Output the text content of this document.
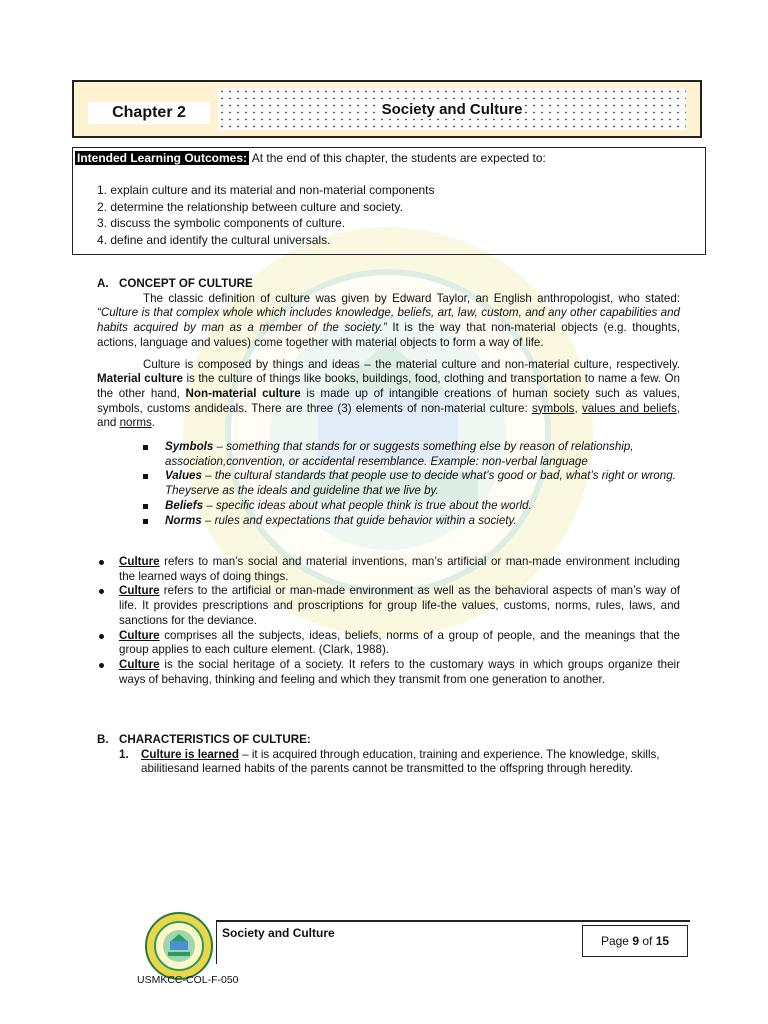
Chapter 2	Society and Culture
Intended Learning Outcomes: At the end of this chapter, the students are expected to:
1. explain culture and its material and non-material components
2. determine the relationship between culture and society.
3. discuss the symbolic components of culture.
4. define and identify the cultural universals.
A. CONCEPT OF CULTURE

The classic definition of culture was given by Edward Taylor, an English anthropologist, who stated: “Culture is that complex whole which includes knowledge, beliefs, art, law, custom, and any other capabilities and habits acquired by man as a member of the society.” It is the way that non-material objects (e.g. thoughts, actions, language and values) come together with material objects to form a way of life.

Culture is composed by things and ideas – the material culture and non-material culture, respectively. Material culture is the culture of things like books, buildings, food, clothing and transportation to name a few. On the other hand, Non-material culture is made up of intangible creations of human society such as values, symbols, customs andideals. There are three (3) elements of non-material culture: symbols, values and beliefs, and norms.

Symbols – something that stands for or suggests something else by reason of relationship, association,convention, or accidental resemblance. Example: non-verbal language
Values – the cultural standards that people use to decide what’s good or bad, what’s right or wrong. Theyserve as the ideals and guideline that we live by.
Beliefs – specific ideas about what people think is true about the world.
Norms – rules and expectations that guide behavior within a society.
Culture refers to man’s social and material inventions, man’s artificial or man-made environment including the learned ways of doing things.
Culture refers to the artificial or man-made environment as well as the behavioral aspects of man’s way of life. It provides prescriptions and proscriptions for group life-the values, customs, norms, rules, laws, and sanctions for the deviance.
Culture comprises all the subjects, ideas, beliefs, norms of a group of people, and the meanings that the group applies to each culture element. (Clark, 1988).
Culture is the social heritage of a society. It refers to the customary ways in which groups organize their ways of behaving, thinking and feeling and which they transmit from one generation to another.
B. CHARACTERISTICS OF CULTURE:
1. Culture is learned – it is acquired through education, training and experience. The knowledge, skills, abilitiesand learned habits of the parents cannot be transmitted to the offspring through heredity.
Society and Culture
Page 9 of 15
USMKCC-COL-F-050
